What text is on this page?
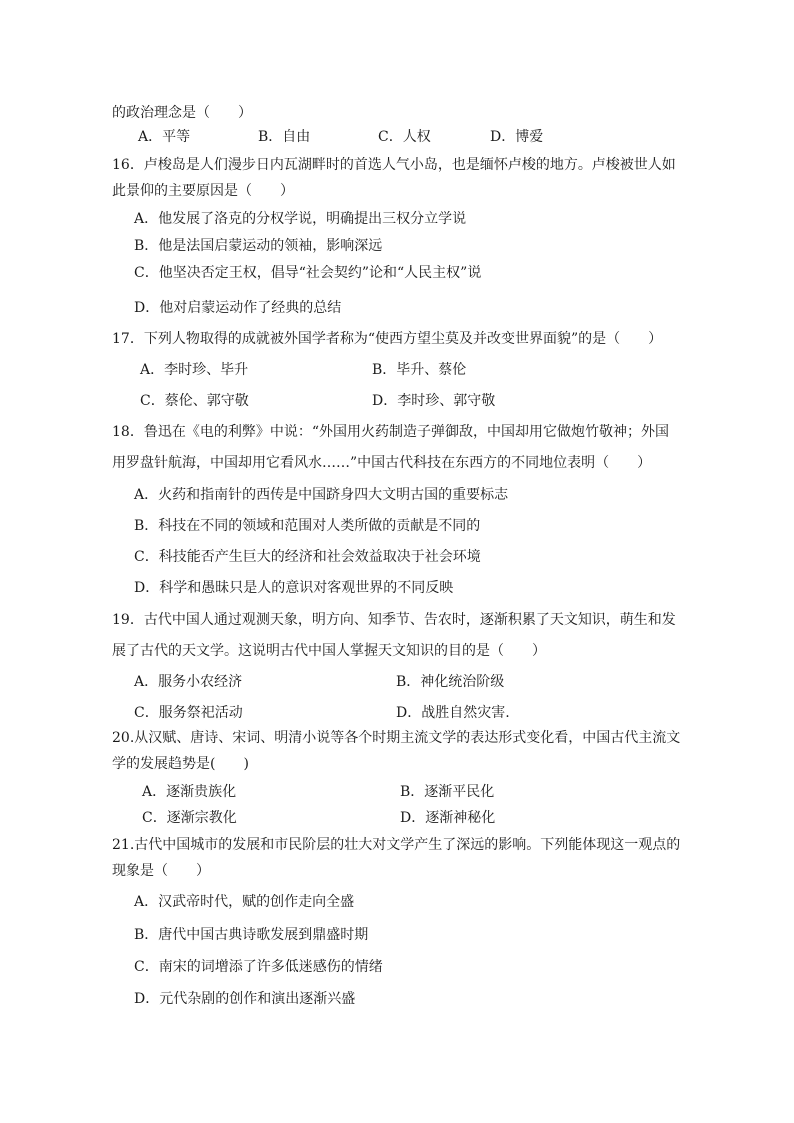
的政治理念是（　　）
A．平等	B．自由	C．人权	D．博爱
16．卢梭岛是人们漫步日内瓦湖畔时的首选人气小岛，也是缅怀卢梭的地方。卢梭被世人如
此景仰的主要原因是（　　）
A．他发展了洛克的分权学说，明确提出三权分立学说
B．他是法国启蒙运动的领袖，影响深远
C．他坚决否定王权，倡导“社会契约”论和“人民主权”说
D．他对启蒙运动作了经典的总结
17．下列人物取得的成就被外国学者称为“使西方望尘莫及并改变世界面貌”的是（　　）
A．李时珍、毕升	B．毕升、蔡伦
C．蔡伦、郭守敬	D．李时珍、郭守敬
18．鲁迅在《电的利弊》中说：“外国用火药制造子弹御敌，中国却用它做炮竹敬神；外国
用罗盘针航海，中国却用它看风水……”中国古代科技在东西方的不同地位表明（　　）
A．火药和指南针的西传是中国跻身四大文明古国的重要标志
B．科技在不同的领域和范围对人类所做的贡献是不同的
C．科技能否产生巨大的经济和社会效益取决于社会环境
D．科学和愚昧只是人的意识对客观世界的不同反映
19．古代中国人通过观测天象，明方向、知季节、告农时，逐渐积累了天文知识，萌生和发
展了古代的天文学。这说明古代中国人掌握天文知识的目的是（　　）
A．服务小农经济	B．神化统治阶级
C．服务祭祀活动	D．战胜自然灾害.
20.从汉赋、唐诗、宋词、明清小说等各个时期主流文学的表达形式变化看，中国古代主流文
学的发展趋势是(　　)
A．逐渐贵族化	B．逐渐平民化
C．逐渐宗教化	D．逐渐神秘化
21.古代中国城市的发展和市民阶层的壮大对文学产生了深远的影响。下列能体现这一观点的
现象是（　　）
A．汉武帝时代，赋的创作走向全盛
B．唐代中国古典诗歌发展到鼎盛时期
C．南宋的词增添了许多低迷感伤的情绪
D．元代杂剧的创作和演出逐渐兴盛
